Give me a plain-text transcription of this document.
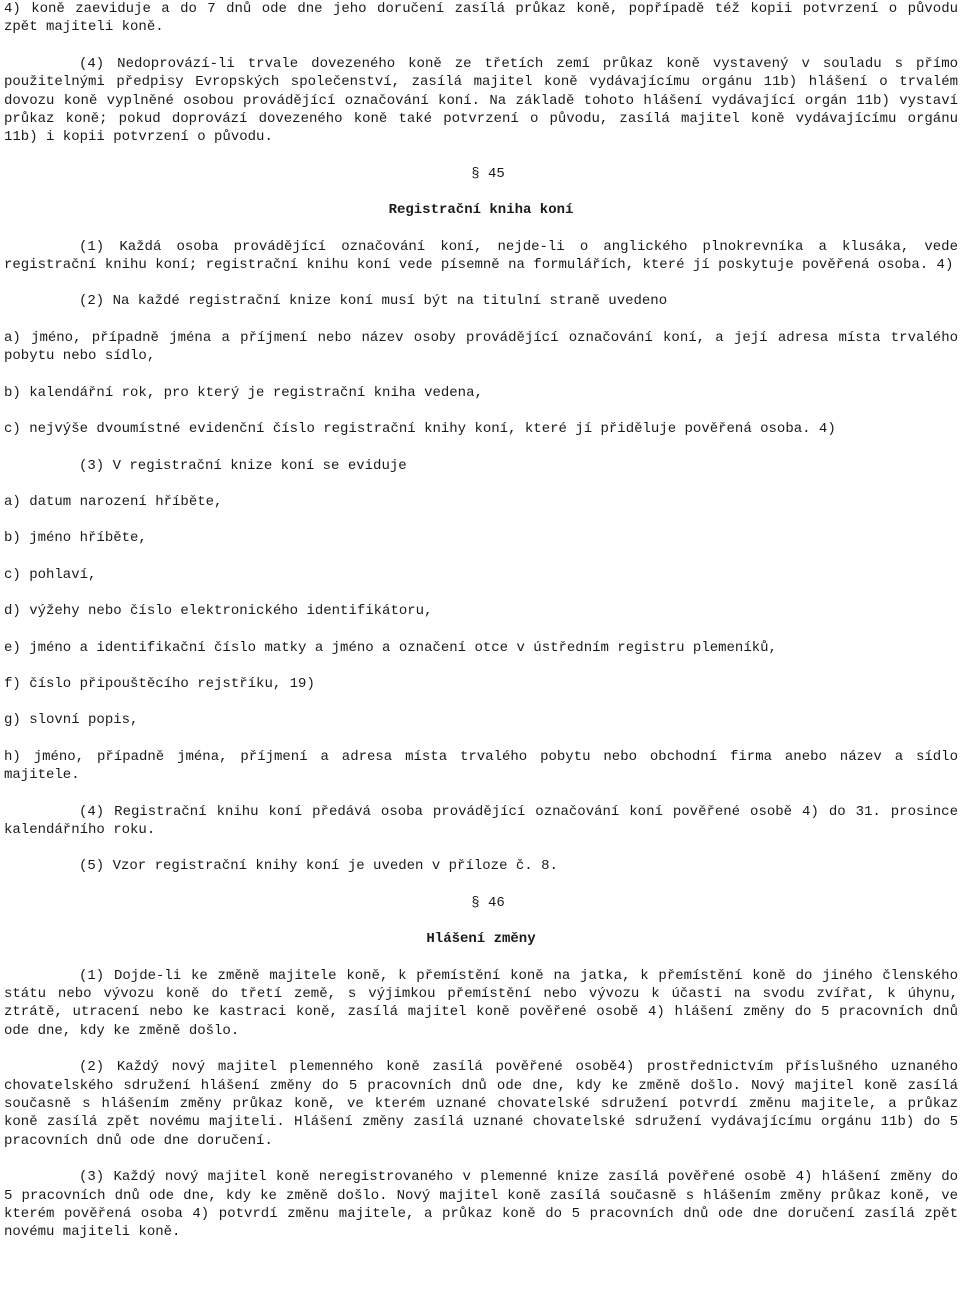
4) koně zaeviduje a do 7 dnů ode dne jeho doručení zasílá průkaz koně, popřípadě též kopii potvrzení o původu zpět majiteli koně.

(4) Nedoprovází-li trvale dovezeného koně ze třetích zemí průkaz koně vystavený v souladu s přímo použitelnými předpisy Evropských společenství, zasílá majitel koně vydávajícímu orgánu 11b) hlášení o trvalém dovozu koně vyplněné osobou provádějící označování koní. Na základě tohoto hlášení vydávající orgán 11b) vystaví průkaz koně; pokud doprovází dovezeného koně také potvrzení o původu, zasílá majitel koně vydávajícímu orgánu 11b) i kopii potvrzení o původu.

§ 45

Registrační kniha koní

(1) Každá osoba provádějící označování koní, nejde-li o anglického plnokrevníka a klusáka, vede registrační knihu koní; registrační knihu koní vede písemně na formulářích, které jí poskytuje pověřená osoba. 4)

(2) Na každé registrační knize koní musí být na titulní straně uvedeno

a) jméno, případně jména a příjmení nebo název osoby provádějící označování koní, a její adresa místa trvalého pobytu nebo sídlo,

b) kalendářní rok, pro který je registrační kniha vedena,

c) nejvýše dvoumístné evidenční číslo registrační knihy koní, které jí přiděluje pověřená osoba. 4)

(3) V registrační knize koní se eviduje

a) datum narození hříběte,

b) jméno hříběte,

c) pohlaví,

d) výžehy nebo číslo elektronického identifikátoru,

e) jméno a identifikační číslo matky a jméno a označení otce v ústředním registru plemeníků,

f) číslo připouštěcího rejstříku, 19)

g) slovní popis,

h) jméno, případně jména, příjmení a adresa místa trvalého pobytu nebo obchodní firma anebo název a sídlo majitele.

(4) Registrační knihu koní předává osoba provádějící označování koní pověřené osobě 4) do 31. prosince kalendářního roku.

(5) Vzor registrační knihy koní je uveden v příloze č. 8.

§ 46

Hlášení změny

(1) Dojde-li ke změně majitele koně, k přemístění koně na jatka, k přemístění koně do jiného členského státu nebo vývozu koně do třetí země, s výjimkou přemístění nebo vývozu k účasti na svodu zvířat, k úhynu, ztrátě, utracení nebo ke kastraci koně, zasílá majitel koně pověřené osobě 4) hlášení změny do 5 pracovních dnů ode dne, kdy ke změně došlo.

(2) Každý nový majitel plemenného koně zasílá pověřené osobě4) prostřednictvím příslušného uznaného chovatelského sdružení hlášení změny do 5 pracovních dnů ode dne, kdy ke změně došlo. Nový majitel koně zasílá současně s hlášením změny průkaz koně, ve kterém uznané chovatelské sdružení potvrdí změnu majitele, a průkaz koně zasílá zpět novému majiteli. Hlášení změny zasílá uznané chovatelské sdružení vydávajícímu orgánu 11b) do 5 pracovních dnů ode dne doručení.

(3) Každý nový majitel koně neregistrovaného v plemenné knize zasílá pověřené osobě 4) hlášení změny do 5 pracovních dnů ode dne, kdy ke změně došlo. Nový majitel koně zasílá současně s hlášením změny průkaz koně, ve kterém pověřená osoba 4) potvrdí změnu majitele, a průkaz koně do 5 pracovních dnů ode dne doručení zasílá zpět novému majiteli koně.
